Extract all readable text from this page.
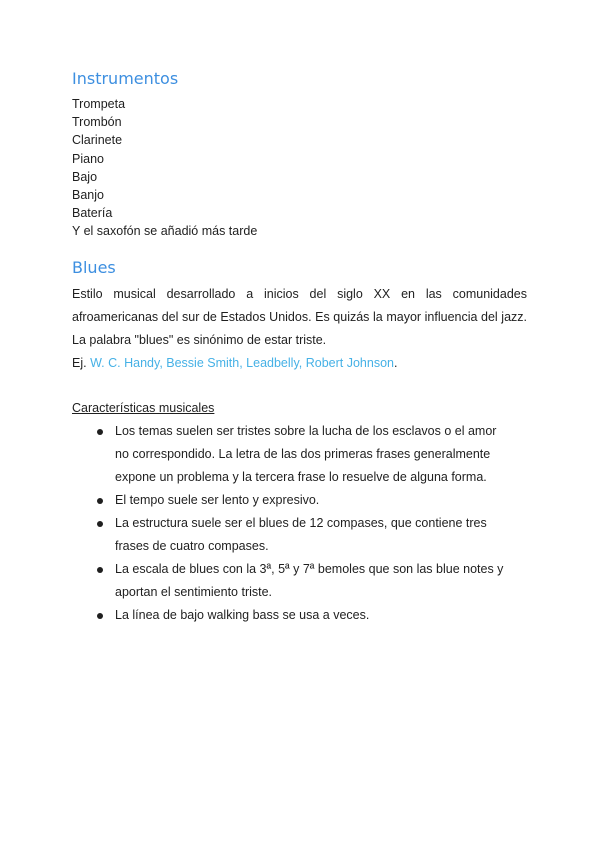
Instrumentos
Trompeta
Trombón
Clarinete
Piano
Bajo
Banjo
Batería
Y el saxofón se añadió más tarde
Blues

Estilo musical desarrollado a inicios del siglo XX en las comunidades afroamericanas del sur de Estados Unidos. Es quizás la mayor influencia del jazz. La palabra "blues" es sinónimo de estar triste.

Ej. W. C. Handy, Bessie Smith, Leadbelly, Robert Johnson.

Características musicales

Los temas suelen ser tristes sobre la lucha de los esclavos o el amor no correspondido. La letra de las dos primeras frases generalmente expone un problema y la tercera frase lo resuelve de alguna forma.
El tempo suele ser lento y expresivo.
La estructura suele ser el blues de 12 compases, que contiene tres frases de cuatro compases.
La escala de blues con la 3ª, 5ª y 7ª bemoles que son las blue notes y aportan el sentimiento triste.
La línea de bajo walking bass se usa a veces.
